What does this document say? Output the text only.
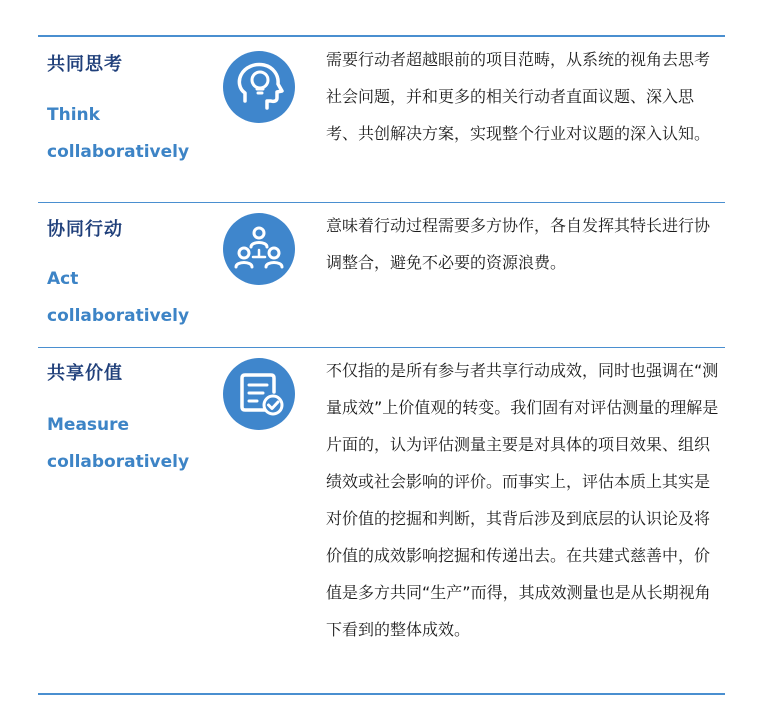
共同思考
Think
collaboratively
需要行动者超越眼前的项目范畴，从系统的视角去思考社会问题，并和更多的相关行动者直面议题、深入思考、共创解决方案，实现整个行业对议题的深入认知。
协同行动
Act
collaboratively
意味着行动过程需要多方协作，各自发挥其特长进行协调整合，避免不必要的资源浪费。
共享价值
Measure
collaboratively
不仅指的是所有参与者共享行动成效，同时也强调在“测量成效”上价值观的转变。我们固有对评估测量的理解是片面的，认为评估测量主要是对具体的项目效果、组织绩效或社会影响的评价。而事实上，评估本质上其实是对价值的挖掘和判断，其背后涉及到底层的认识论及将价值的成效影响挖掘和传递出去。在共建式慈善中，价值是多方共同“生产”而得，其成效测量也是从长期视角下看到的整体成效。
